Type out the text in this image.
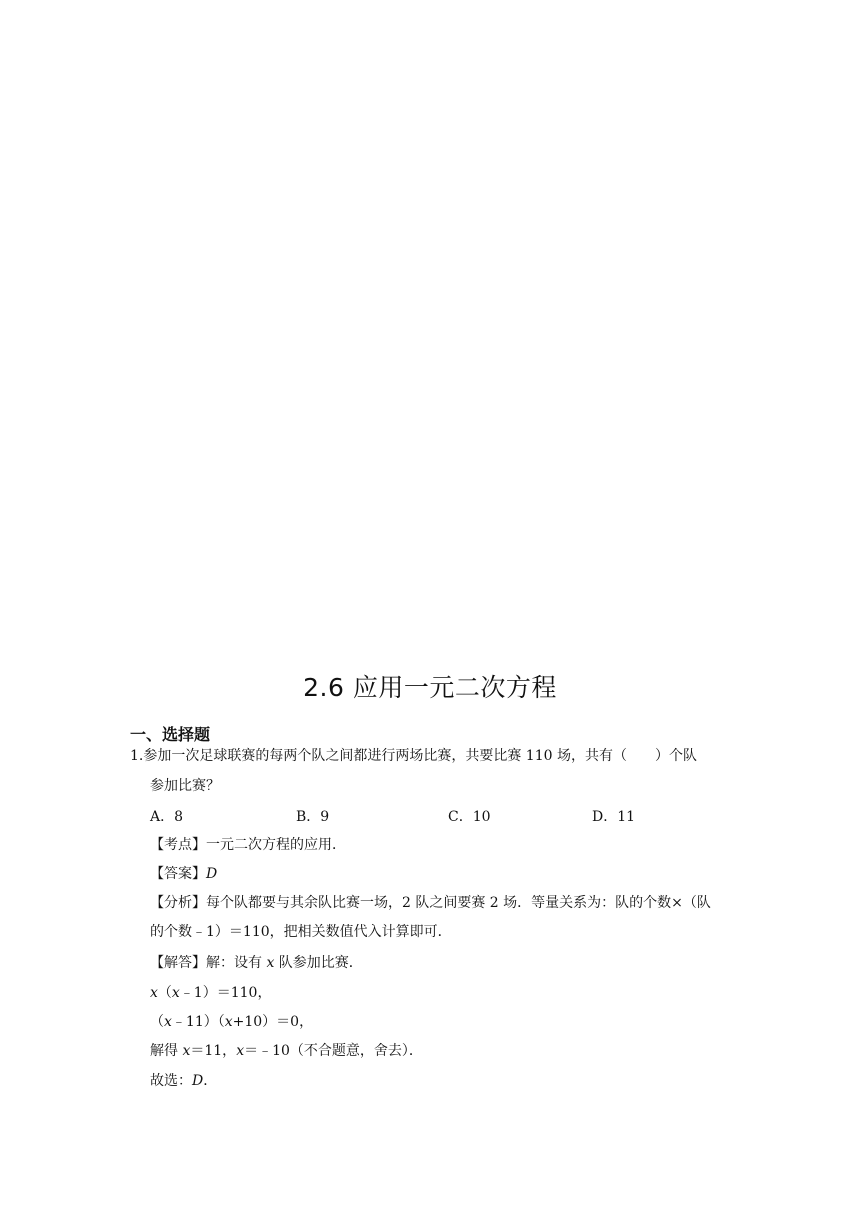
2.6 应用一元二次方程
一、选择题
1.参加一次足球联赛的每两个队之间都进行两场比赛，共要比赛 110 场，共有（　　）个队
参加比赛？
A．8	B．9	C．10	D．11
【考点】一元二次方程的应用．
【答案】D
【分析】每个队都要与其余队比赛一场，2 队之间要赛 2 场．等量关系为：队的个数×（队
的个数﹣1）＝110，把相关数值代入计算即可．
【解答】解：设有 x 队参加比赛．
x（x﹣1）＝110，
（x﹣11）（x+10）＝0，
解得 x＝11，x＝﹣10（不合题意，舍去）．
故选：D．
